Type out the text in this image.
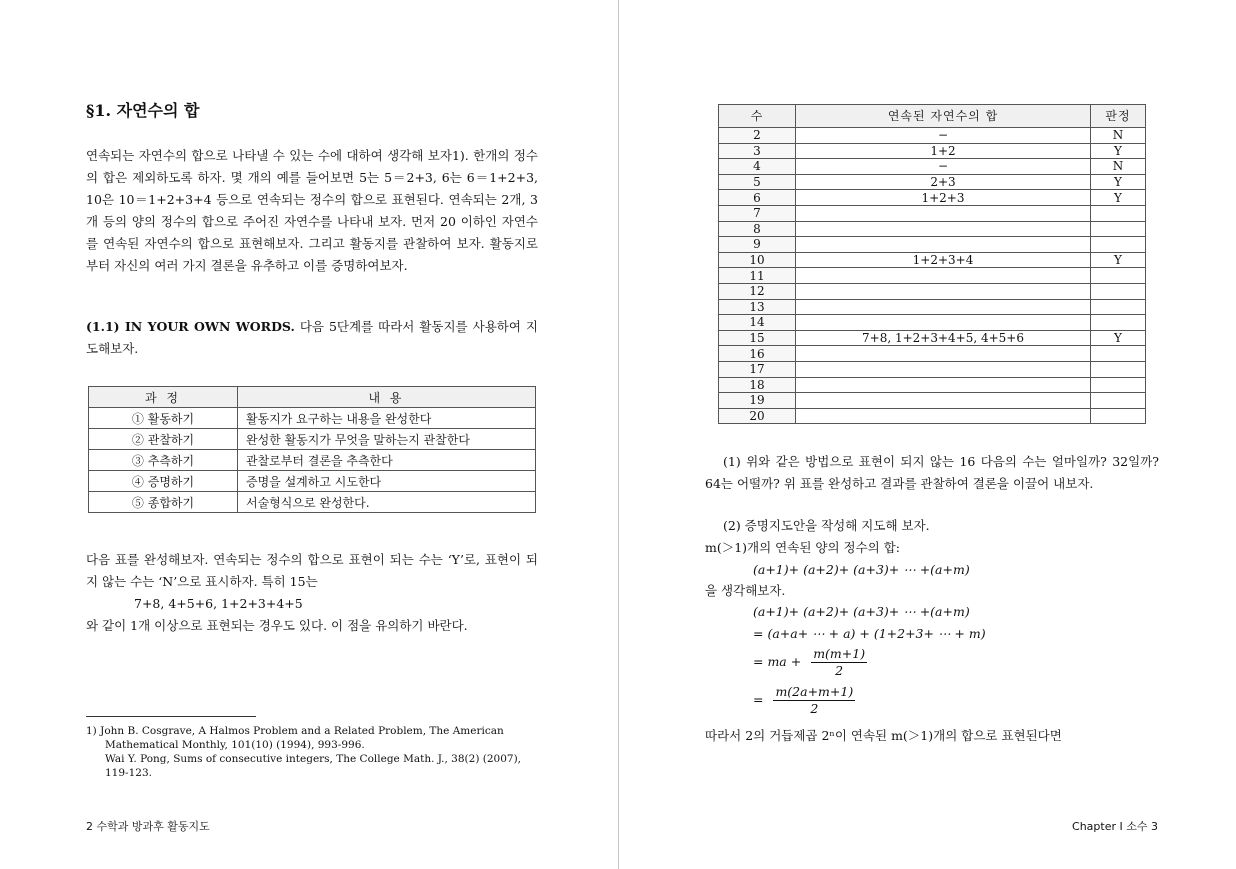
§1. 자연수의 합

연속되는 자연수의 합으로 나타낼 수 있는 수에 대하여 생각해 보자1). 한개의 정수의 합은 제외하도록 하자. 몇 개의 예를 들어보면 5는 5＝2+3, 6는 6＝1+2+3, 10은 10＝1+2+3+4 등으로 연속되는 정수의 합으로 표현된다. 연속되는 2개, 3개 등의 양의 정수의 합으로 주어진 자연수를 나타내 보자. 먼저 20 이하인 자연수를 연속된 자연수의 합으로 표현해보자. 그리고 활동지를 관찰하여 보자. 활동지로부터 자신의 여러 가지 결론을 유추하고 이를 증명하여보자.

(1.1) IN YOUR OWN WORDS. 다음 5단계를 따라서 활동지를 사용하여 지도해보자.

과 정	내 용
① 활동하기	활동지가 요구하는 내용을 완성한다
② 관찰하기	완성한 활동지가 무엇을 말하는지 관찰한다
③ 추측하기	관찰로부터 결론을 추측한다
④ 증명하기	증명을 설계하고 시도한다
⑤ 종합하기	서술형식으로 완성한다.
다음 표를 완성해보자. 연속되는 정수의 합으로 표현이 되는 수는 ‘Y’로, 표현이 되지 않는 수는 ‘N’으로 표시하자. 특히 15는
7+8, 4+5+6, 1+2+3+4+5
와 같이 1개 이상으로 표현되는 경우도 있다. 이 점을 유의하기 바란다.

1) John B. Cosgrave, A Halmos Problem and a Related Problem, The American
Mathematical Monthly, 101(10) (1994), 993-996.
Wai Y. Pong, Sums of consecutive integers, The College Math. J., 38(2) (2007),
119-123.

2 수학과 방과후 활동지도
수	연속된 자연수의 합	판정
2	−	N
3	1+2	Y
4	−	N
5	2+3	Y
6	1+2+3	Y
7		
8		
9		
10	1+2+3+4	Y
11		
12		
13		
14		
15	7+8, 1+2+3+4+5, 4+5+6	Y
16		
17		
18		
19		
20		

(1) 위와 같은 방법으로 표현이 되지 않는 16 다음의 수는 얼마일까? 32일까? 64는 어떨까? 위 표를 완성하고 결과를 관찰하여 결론을 이끌어 내보자.

(2) 증명지도안을 작성해 지도해 보자.

m(＞1)개의 연속된 양의 정수의 합:

(a+1)+ (a+2)+ (a+3)+ ⋯ +(a+m)

을 생각해보자.

(a+1)+ (a+2)+ (a+3)+ ⋯ +(a+m)

= (a+a+ ⋯ + a) + (1+2+3+ ⋯ + m)

= ma + $\frac{m(m+1)}{2}$
= $\frac{m(2a+m+1)}{2}$

따라서 2의 거듭제곱 2ⁿ이 연속된 m(＞1)개의 합으로 표현된다면

Chapter Ⅰ 소수 3
